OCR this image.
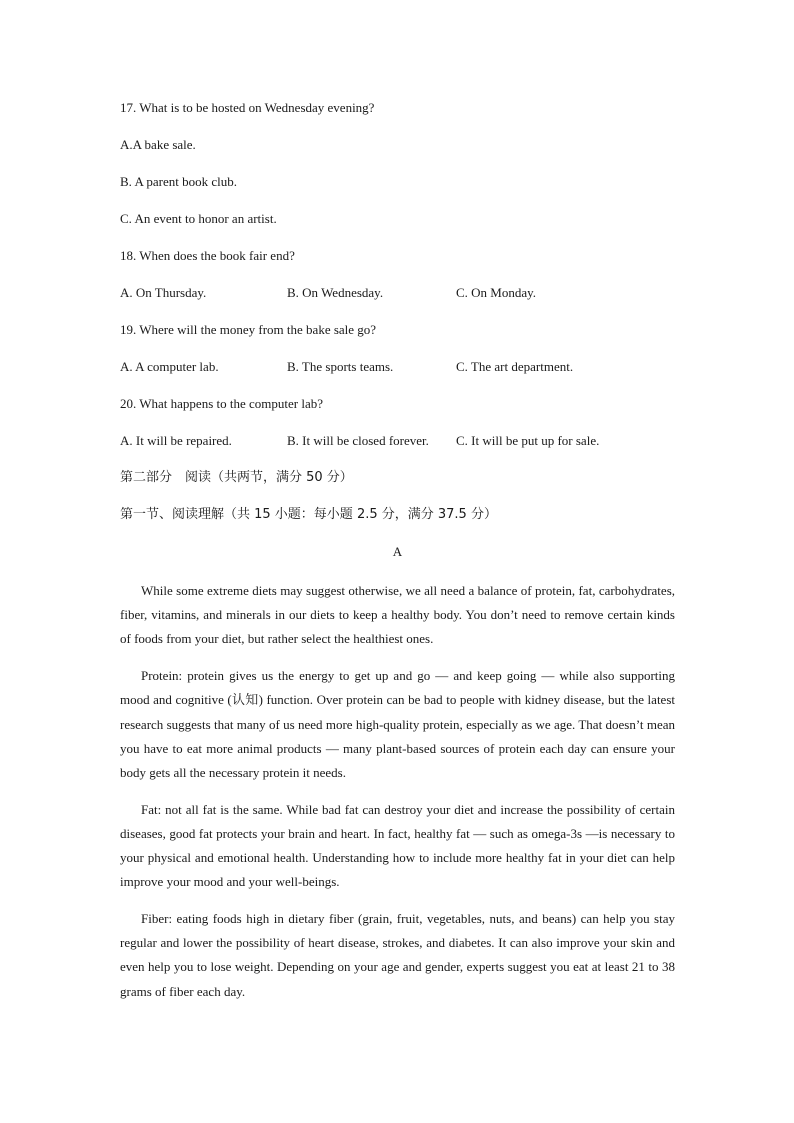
17. What is to be hosted on Wednesday evening?
A.A bake sale.
B. A parent book club.
C. An event to honor an artist.
18. When does the book fair end?
A. On Thursday.	B. On Wednesday.	C. On Monday.
19. Where will the money from the bake sale go?
A. A computer lab.	B. The sports teams.	C. The art department.
20. What happens to the computer lab?
A. It will be repaired.	B. It will be closed forever. C. It will be put up for sale.
第二部分　阅读（共两节，满分 50 分）
第一节、阅读理解（共 15 小题：每小题 2.5 分，满分 37.5 分）
A

While some extreme diets may suggest otherwise, we all need a balance of protein, fat, carbohydrates, fiber, vitamins, and minerals in our diets to keep a healthy body. You don’t need to remove certain kinds of foods from your diet, but rather select the healthiest ones.

Protein: protein gives us the energy to get up and go — and keep going — while also supporting mood and cognitive (认知) function. Over protein can be bad to people with kidney disease, but the latest research suggests that many of us need more high-quality protein, especially as we age. That doesn’t mean you have to eat more animal products — many plant-based sources of protein each day can ensure your body gets all the necessary protein it needs.

Fat: not all fat is the same. While bad fat can destroy your diet and increase the possibility of certain diseases, good fat protects your brain and heart. In fact, healthy fat — such as omega-3s —is necessary to your physical and emotional health. Understanding how to include more healthy fat in your diet can help improve your mood and your well-beings.

Fiber: eating foods high in dietary fiber (grain, fruit, vegetables, nuts, and beans) can help you stay regular and lower the possibility of heart disease, strokes, and diabetes. It can also improve your skin and even help you to lose weight. Depending on your age and gender, experts suggest you eat at least 21 to 38 grams of fiber each day.
